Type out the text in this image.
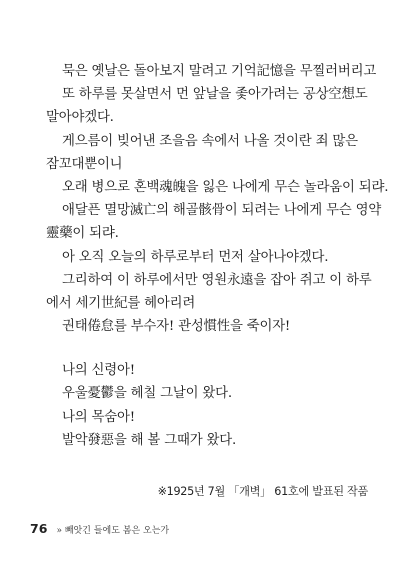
묵은 옛날은 돌아보지 말려고 기억記憶을 무찔러버리고
또 하루를 못살면서 먼 앞날을 좇아가려는 공상空想도
말아야겠다.
게으름이 빚어낸 조을음 속에서 나올 것이란 죄 많은
잠꼬대뿐이니
오래 병으로 혼백魂魄을 잃은 나에게 무슨 놀라움이 되랴.
애달픈 멸망滅亡의 해골骸骨이 되려는 나에게 무슨 영약
靈藥이 되랴.
아 오직 오늘의 하루로부터 먼저 살아나야겠다.
그리하여 이 하루에서만 영원永遠을 잡아 쥐고 이 하루
에서 세기世紀를 헤아리려
권태倦怠를 부수자! 관성慣性을 죽이자!
나의 신령아!
우울憂鬱을 헤칠 그날이 왔다.
나의 목숨아!
발악發惡을 해 볼 그때가 왔다.
※1925년 7월 「개벽」 61호에 발표된 작품
76 » 빼앗긴 들에도 봄은 오는가
